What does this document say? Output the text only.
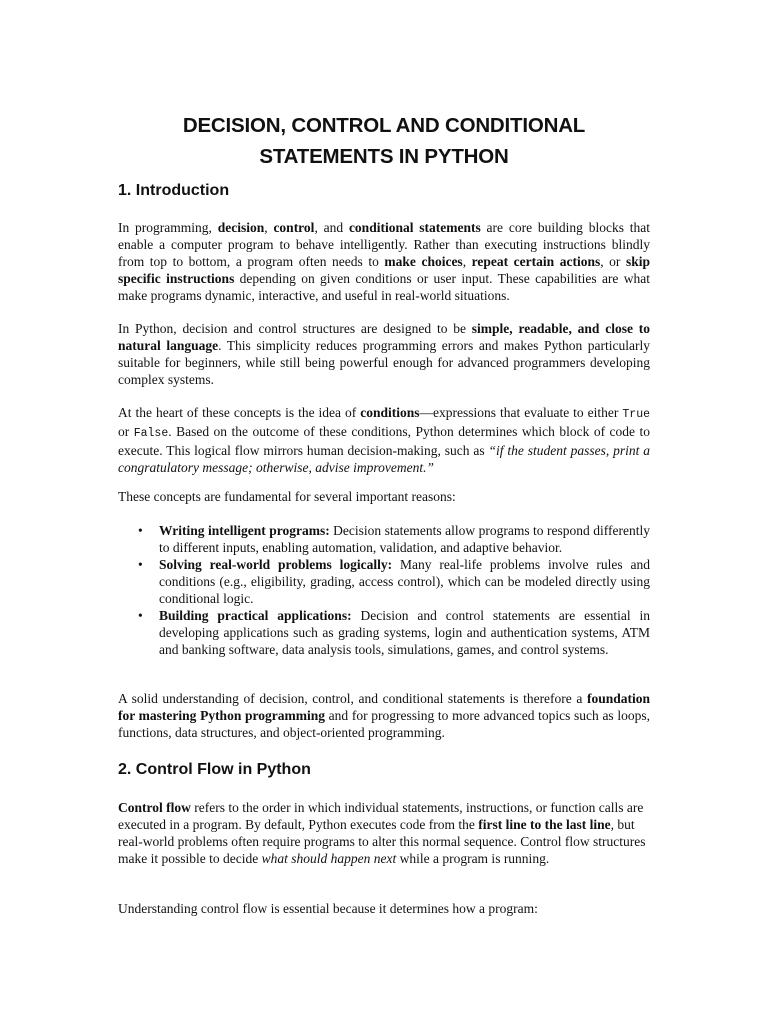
DECISION, CONTROL AND CONDITIONAL
STATEMENTS IN PYTHON
1. Introduction

In programming, decision, control, and conditional statements are core building blocks that enable a computer program to behave intelligently. Rather than executing instructions blindly from top to bottom, a program often needs to make choices, repeat certain actions, or skip specific instructions depending on given conditions or user input. These capabilities are what make programs dynamic, interactive, and useful in real-world situations.

In Python, decision and control structures are designed to be simple, readable, and close to natural language. This simplicity reduces programming errors and makes Python particularly suitable for beginners, while still being powerful enough for advanced programmers developing complex systems.

At the heart of these concepts is the idea of conditions—expressions that evaluate to either True or False. Based on the outcome of these conditions, Python determines which block of code to execute. This logical flow mirrors human decision-making, such as “if the student passes, print a congratulatory message; otherwise, advise improvement.”

These concepts are fundamental for several important reasons:

• Writing intelligent programs: Decision statements allow programs to respond differently to different inputs, enabling automation, validation, and adaptive behavior.
• Solving real-world problems logically: Many real-life problems involve rules and conditions (e.g., eligibility, grading, access control), which can be modeled directly using conditional logic.
• Building practical applications: Decision and control statements are essential in developing applications such as grading systems, login and authentication systems, ATM and banking software, data analysis tools, simulations, games, and control systems.

A solid understanding of decision, control, and conditional statements is therefore a foundation for mastering Python programming and for progressing to more advanced topics such as loops, functions, data structures, and object-oriented programming.

2. Control Flow in Python

Control flow refers to the order in which individual statements, instructions, or function calls are executed in a program. By default, Python executes code from the first line to the last line, but real-world problems often require programs to alter this normal sequence. Control flow structures make it possible to decide what should happen next while a program is running.

Understanding control flow is essential because it determines how a program:
